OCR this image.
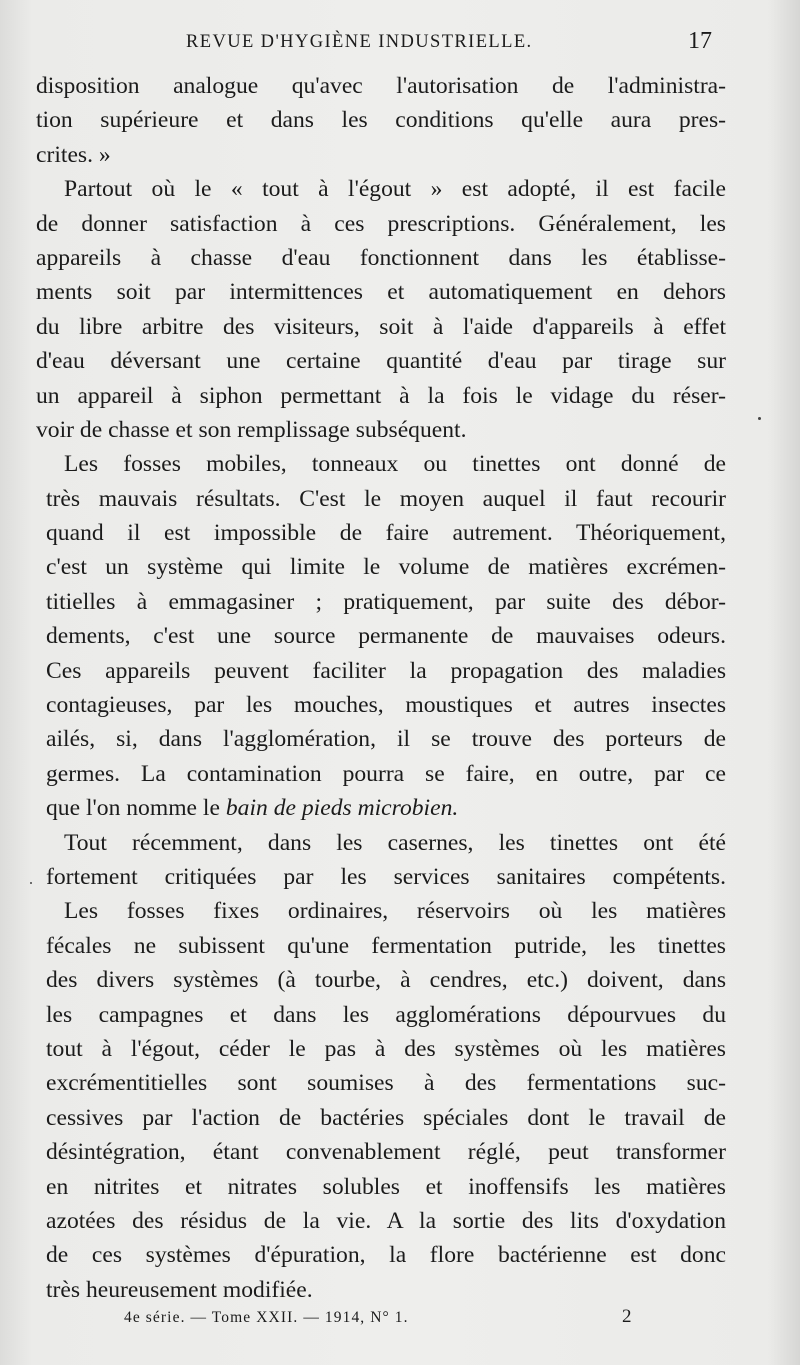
REVUE D'HYGIÈNE INDUSTRIELLE.	17
disposition analogue qu'avec l'autorisation de l'administra-
tion supérieure et dans les conditions qu'elle aura pres-
crites. »
Partout où le « tout à l'égout » est adopté, il est facile
de donner satisfaction à ces prescriptions. Généralement, les
appareils à chasse d'eau fonctionnent dans les établisse-
ments soit par intermittences et automatiquement en dehors
du libre arbitre des visiteurs, soit à l'aide d'appareils à effet
d'eau déversant une certaine quantité d'eau par tirage sur
un appareil à siphon permettant à la fois le vidage du réser-
voir de chasse et son remplissage subséquent.
Les fosses mobiles, tonneaux ou tinettes ont donné de
très mauvais résultats. C'est le moyen auquel il faut recourir
quand il est impossible de faire autrement. Théoriquement,
c'est un système qui limite le volume de matières excrémen-
titielles à emmagasiner ; pratiquement, par suite des débor-
dements, c'est une source permanente de mauvaises odeurs.
Ces appareils peuvent faciliter la propagation des maladies
contagieuses, par les mouches, moustiques et autres insectes
ailés, si, dans l'agglomération, il se trouve des porteurs de
germes. La contamination pourra se faire, en outre, par ce
que l'on nomme le bain de pieds microbien.
Tout récemment, dans les casernes, les tinettes ont été
fortement critiquées par les services sanitaires compétents.
Les fosses fixes ordinaires, réservoirs où les matières
fécales ne subissent qu'une fermentation putride, les tinettes
des divers systèmes (à tourbe, à cendres, etc.) doivent, dans
les campagnes et dans les agglomérations dépourvues du
tout à l'égout, céder le pas à des systèmes où les matières
excrémentitielles sont soumises à des fermentations suc-
cessives par l'action de bactéries spéciales dont le travail de
désintégration, étant convenablement réglé, peut transformer
en nitrites et nitrates solubles et inoffensifs les matières
azotées des résidus de la vie. A la sortie des lits d'oxydation
de ces systèmes d'épuration, la flore bactérienne est donc
très heureusement modifiée.
4e série. — Tome XXII. — 1914, N° 1.	2
